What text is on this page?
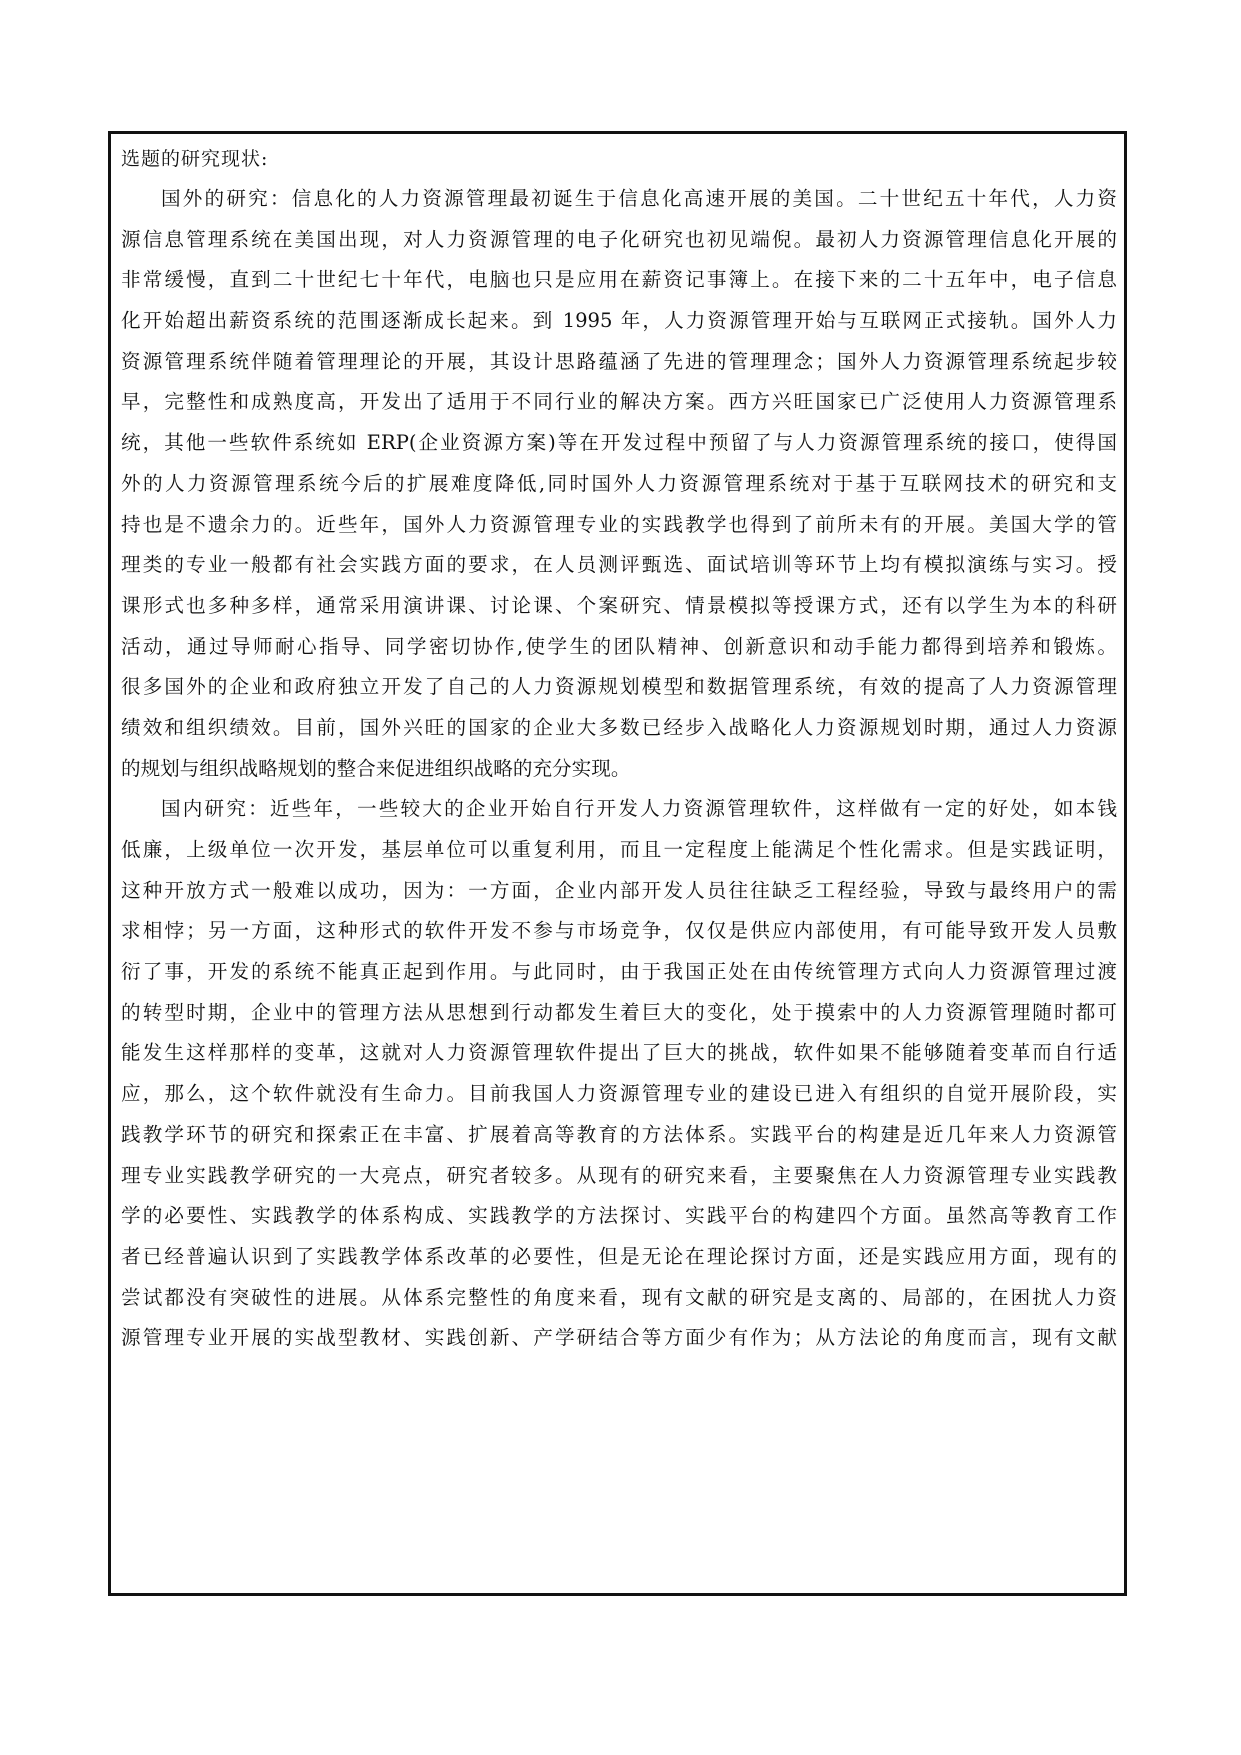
选题的研究现状:
国外的研究：信息化的人力资源管理最初诞生于信息化高速开展的美国。二十世纪五十年代，人力资
源信息管理系统在美国出现，对人力资源管理的电子化研究也初见端倪。最初人力资源管理信息化开展的
非常缓慢，直到二十世纪七十年代，电脑也只是应用在薪资记事簿上。在接下来的二十五年中，电子信息
化开始超出薪资系统的范围逐渐成长起来。到 1995 年，人力资源管理开始与互联网正式接轨。国外人力
资源管理系统伴随着管理理论的开展，其设计思路蕴涵了先进的管理理念；国外人力资源管理系统起步较
早，完整性和成熟度高，开发出了适用于不同行业的解决方案。西方兴旺国家已广泛使用人力资源管理系
统，其他一些软件系统如 ERP(企业资源方案)等在开发过程中预留了与人力资源管理系统的接口，使得国
外的人力资源管理系统今后的扩展难度降低,同时国外人力资源管理系统对于基于互联网技术的研究和支
持也是不遗余力的。近些年，国外人力资源管理专业的实践教学也得到了前所未有的开展。美国大学的管
理类的专业一般都有社会实践方面的要求，在人员测评甄选、面试培训等环节上均有模拟演练与实习。授
课形式也多种多样，通常采用演讲课、讨论课、个案研究、情景模拟等授课方式，还有以学生为本的科研
活动，通过导师耐心指导、同学密切协作,使学生的团队精神、创新意识和动手能力都得到培养和锻炼。
很多国外的企业和政府独立开发了自己的人力资源规划模型和数据管理系统，有效的提高了人力资源管理
绩效和组织绩效。目前，国外兴旺的国家的企业大多数已经步入战略化人力资源规划时期，通过人力资源
的规划与组织战略规划的整合来促进组织战略的充分实现。
国内研究：近些年，一些较大的企业开始自行开发人力资源管理软件，这样做有一定的好处，如本钱
低廉，上级单位一次开发，基层单位可以重复利用，而且一定程度上能满足个性化需求。但是实践证明，
这种开放方式一般难以成功，因为：一方面，企业内部开发人员往往缺乏工程经验，导致与最终用户的需
求相悖；另一方面，这种形式的软件开发不参与市场竞争，仅仅是供应内部使用，有可能导致开发人员敷
衍了事，开发的系统不能真正起到作用。与此同时，由于我国正处在由传统管理方式向人力资源管理过渡
的转型时期，企业中的管理方法从思想到行动都发生着巨大的变化，处于摸索中的人力资源管理随时都可
能发生这样那样的变革，这就对人力资源管理软件提出了巨大的挑战，软件如果不能够随着变革而自行适
应，那么，这个软件就没有生命力。目前我国人力资源管理专业的建设已进入有组织的自觉开展阶段，实
践教学环节的研究和探索正在丰富、扩展着高等教育的方法体系。实践平台的构建是近几年来人力资源管
理专业实践教学研究的一大亮点，研究者较多。从现有的研究来看，主要聚焦在人力资源管理专业实践教
学的必要性、实践教学的体系构成、实践教学的方法探讨、实践平台的构建四个方面。虽然高等教育工作
者已经普遍认识到了实践教学体系改革的必要性，但是无论在理论探讨方面，还是实践应用方面，现有的
尝试都没有突破性的进展。从体系完整性的角度来看，现有文献的研究是支离的、局部的，在困扰人力资
源管理专业开展的实战型教材、实践创新、产学研结合等方面少有作为；从方法论的角度而言，现有文献
